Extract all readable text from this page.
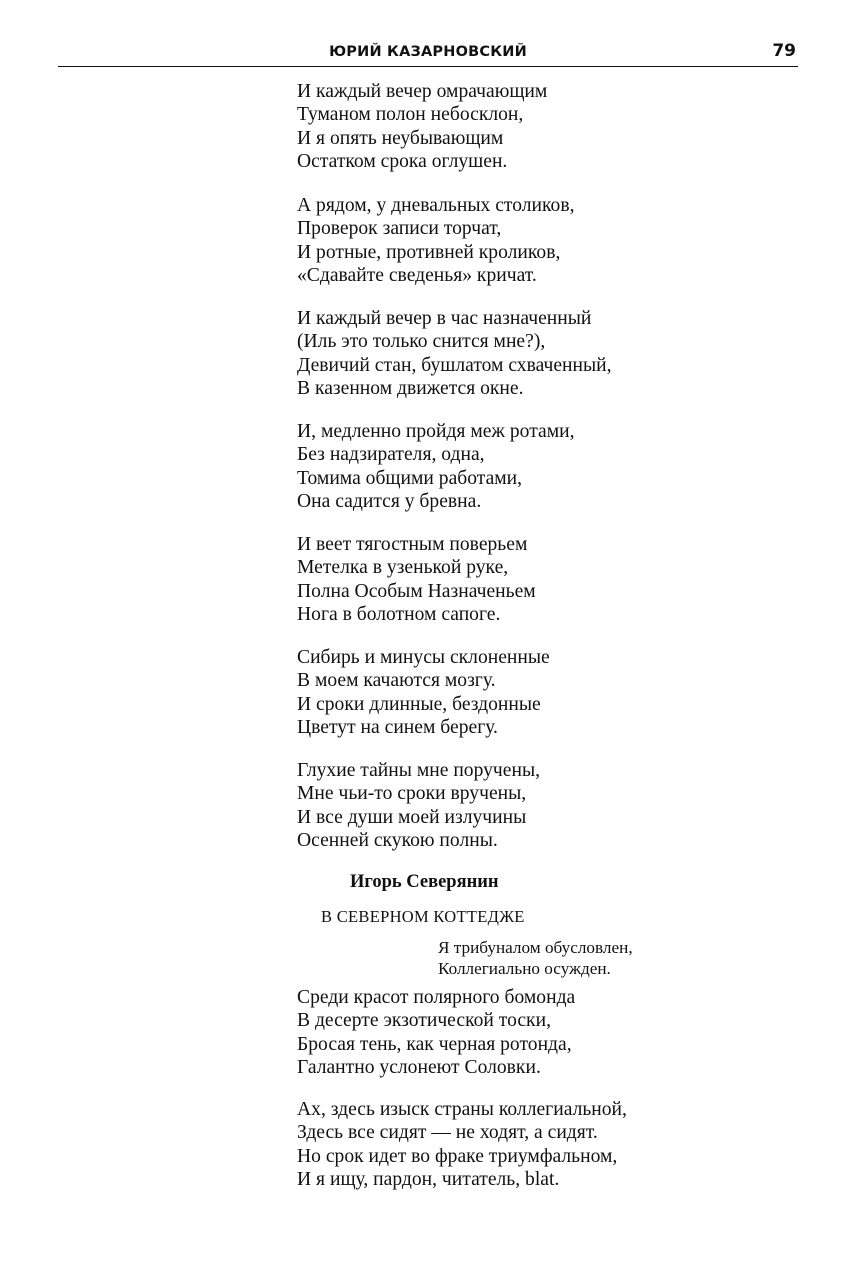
ЮРИЙ КАЗАРНОВСКИЙ	79
И каждый вечер омрачающим
Туманом полон небосклон,
И я опять неубывающим
Остатком срока оглушен.
А рядом, у дневальных столиков,
Проверок записи торчат,
И ротные, противней кроликов,
«Сдавайте сведенья» кричат.
И каждый вечер в час назначенный
(Иль это только снится мне?),
Девичий стан, бушлатом схваченный,
В казенном движется окне.
И, медленно пройдя меж ротами,
Без надзирателя, одна,
Томима общими работами,
Она садится у бревна.
И веет тягостным поверьем
Метелка в узенькой руке,
Полна Особым Назначеньем
Нога в болотном сапоге.
Сибирь и минусы склоненные
В моем качаются мозгу.
И сроки длинные, бездонные
Цветут на синем берегу.
Глухие тайны мне поручены,
Мне чьи-то сроки вручены,
И все души моей излучины
Осенней скукою полны.
Игорь Северянин
В СЕВЕРНОМ КОТТЕДЖЕ
Я трибуналом обусловлен,
Коллегиально осужден.
Среди красот полярного бомонда
В десерте экзотической тоски,
Бросая тень, как черная ротонда,
Галантно услонеют Соловки.
Ах, здесь изыск страны коллегиальной,
Здесь все сидят — не ходят, а сидят.
Но срок идет во фраке триумфальном,
И я ищу, пардон, читатель, blat.
